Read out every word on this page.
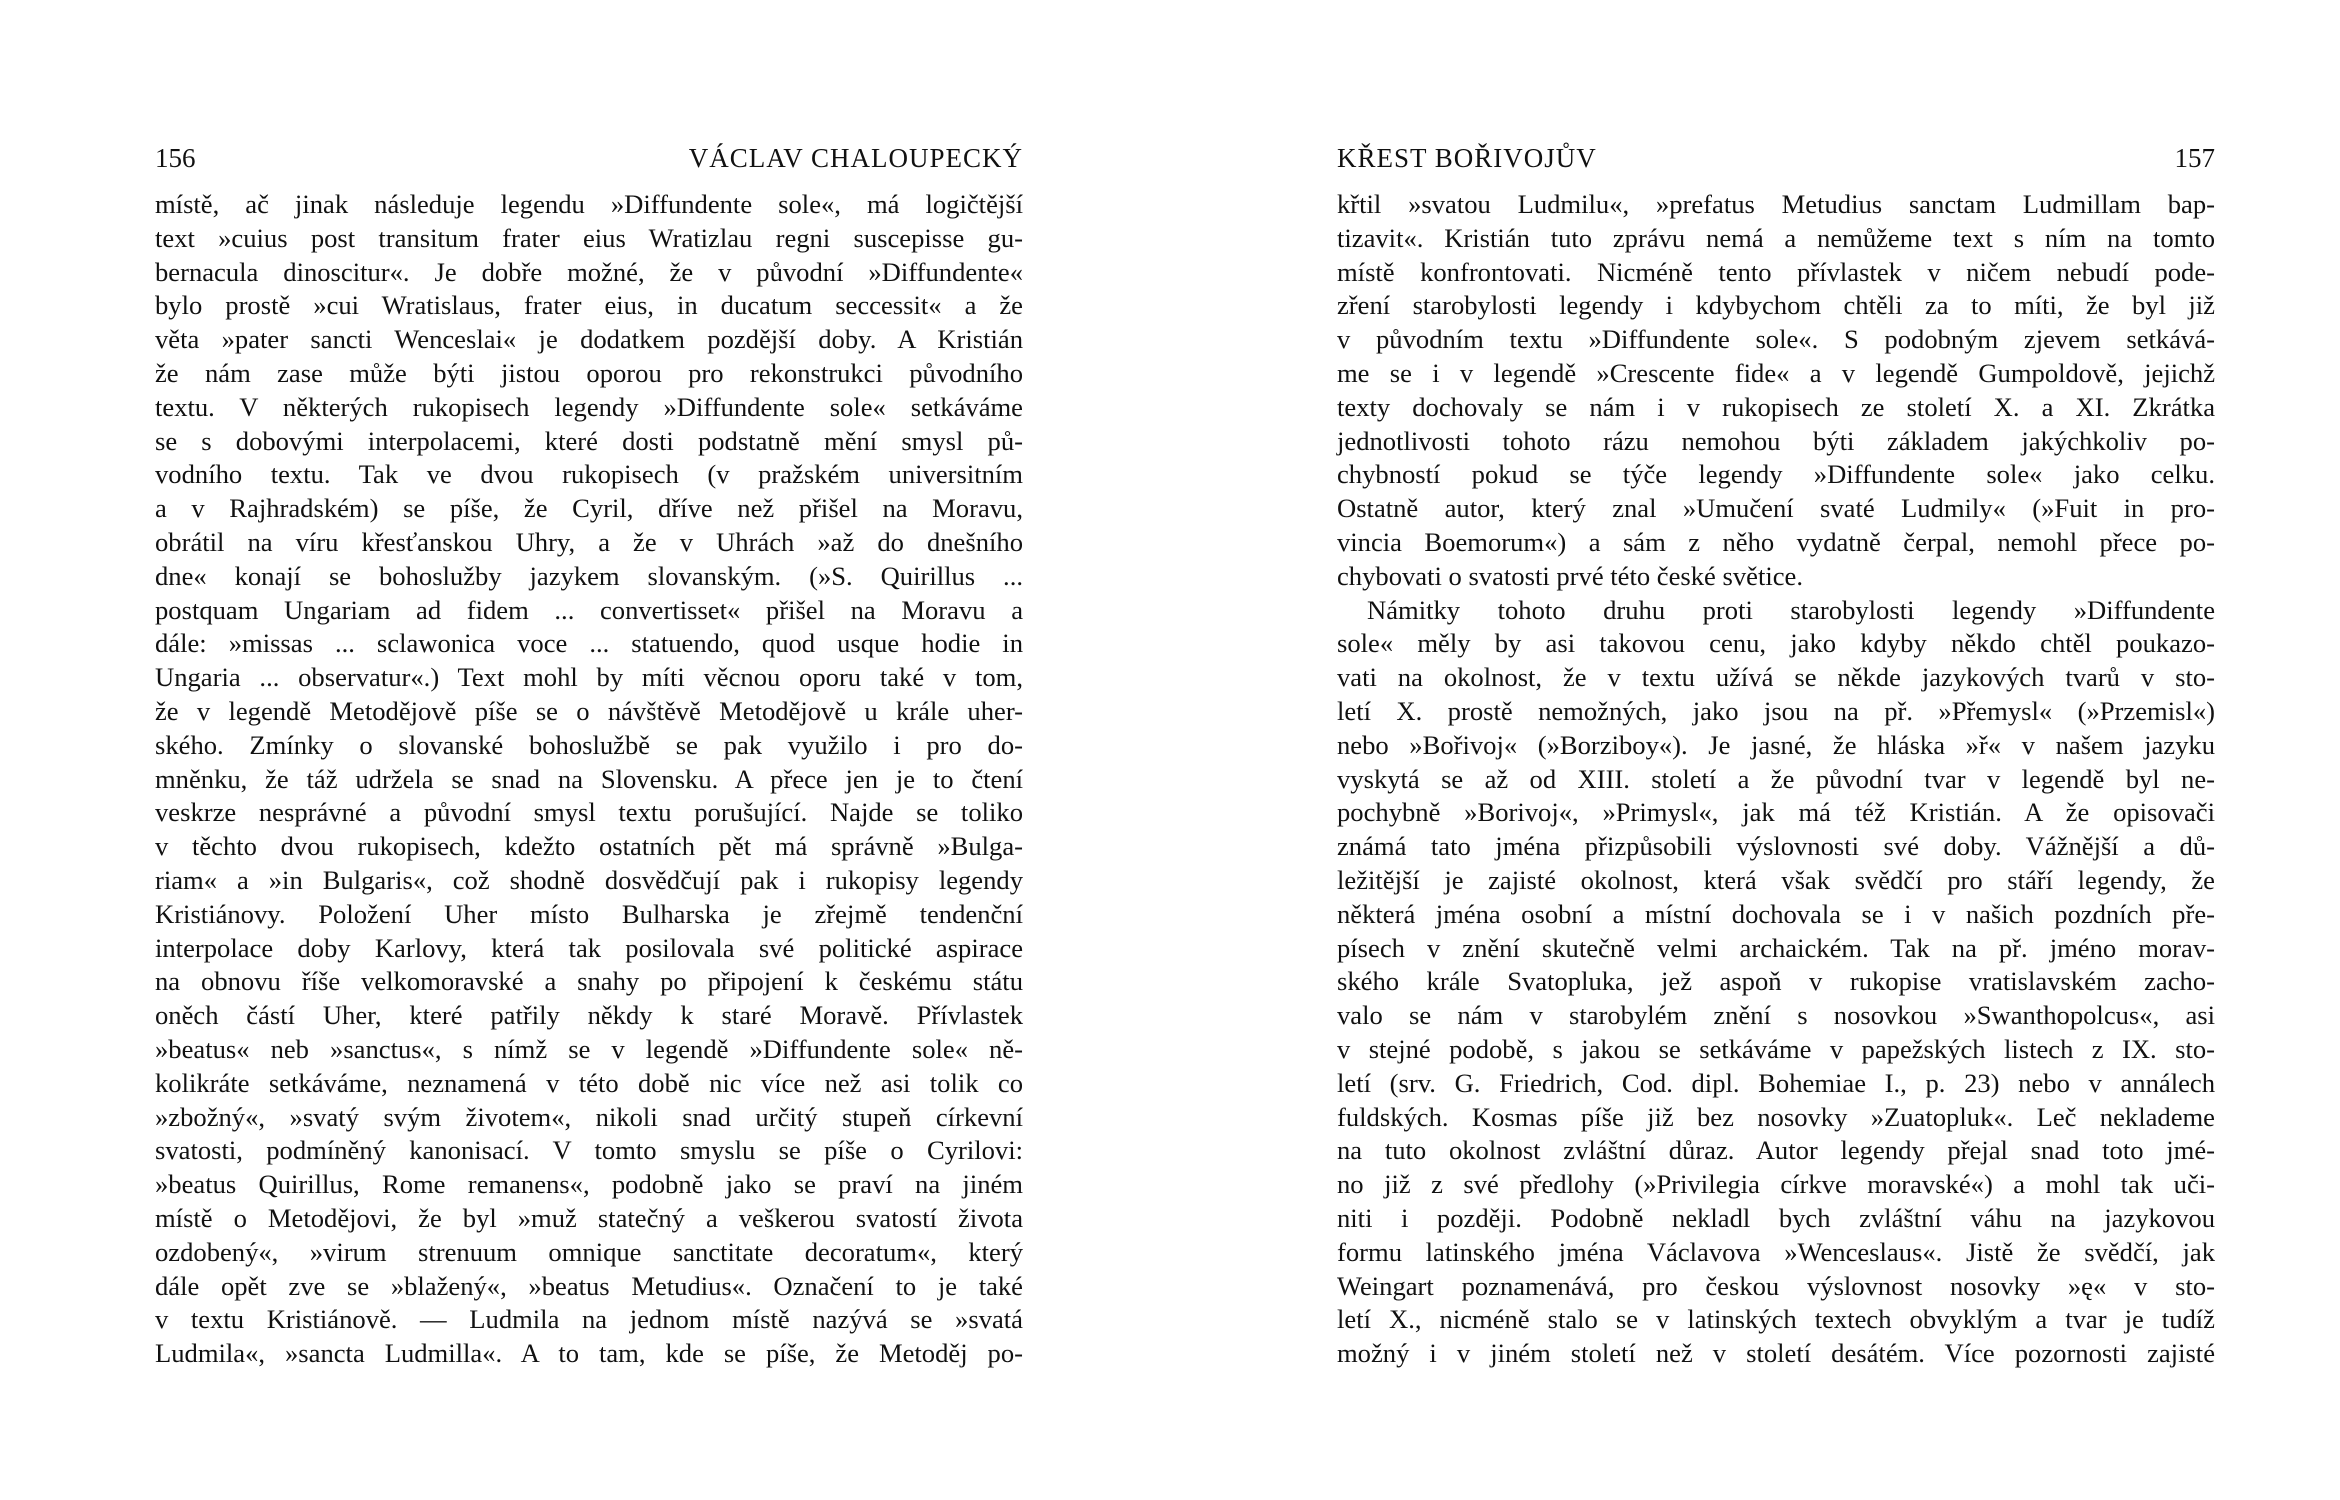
156	VÁCLAV CHALOUPECKÝ
místě, ač jinak následuje legendu »Diffundente sole«, má logičtější
text »cuius post transitum frater eius Wratizlau regni suscepisse gu-
bernacula dinoscitur«. Je dobře možné, že v původní »Diffundente«
bylo prostě »cui Wratislaus, frater eius, in ducatum seccessit« a že
věta »pater sancti Wenceslai« je dodatkem pozdější doby. A Kristián
že nám zase může býti jistou oporou pro rekonstrukci původního
textu. V některých rukopisech legendy »Diffundente sole« setkáváme
se s dobovými interpolacemi, které dosti podstatně mění smysl pů-
vodního textu. Tak ve dvou rukopisech (v pražském universitním
a v Rajhradském) se píše, že Cyril, dříve než přišel na Moravu,
obrátil na víru křesťanskou Uhry, a že v Uhrách »až do dnešního
dne« konají se bohoslužby jazykem slovanským. (»S. Quirillus ...
postquam Ungariam ad fidem ... convertisset« přišel na Moravu a
dále: »missas ... sclawonica voce ... statuendo, quod usque hodie in
Ungaria ... observatur«.) Text mohl by míti věcnou oporu také v tom,
že v legendě Metodějově píše se o návštěvě Metodějově u krále uher-
ského. Zmínky o slovanské bohoslužbě se pak využilo i pro do-
mněnku, že táž udržela se snad na Slovensku. A přece jen je to čtení
veskrze nesprávné a původní smysl textu porušující. Najde se toliko
v těchto dvou rukopisech, kdežto ostatních pět má správně »Bulga-
riam« a »in Bulgaris«, což shodně dosvědčují pak i rukopisy legendy
Kristiánovy. Položení Uher místo Bulharska je zřejmě tendenční
interpolace doby Karlovy, která tak posilovala své politické aspirace
na obnovu říše velkomoravské a snahy po připojení k českému státu
oněch částí Uher, které patřily někdy k staré Moravě. Přívlastek
»beatus« neb »sanctus«, s nímž se v legendě »Diffundente sole« ně-
kolikráte setkáváme, neznamená v této době nic více než asi tolik co
»zbožný«, »svatý svým životem«, nikoli snad určitý stupeň církevní
svatosti, podmíněný kanonisací. V tomto smyslu se píše o Cyrilovi:
»beatus Quirillus, Rome remanens«, podobně jako se praví na jiném
místě o Metodějovi, že byl »muž statečný a veškerou svatostí života
ozdobený«, »virum strenuum omnique sanctitate decoratum«, který
dále opět zve se »blažený«, »beatus Metudius«. Označení to je také
v textu Kristiánově. — Ludmila na jednom místě nazývá se »svatá
Ludmila«, »sancta Ludmilla«. A to tam, kde se píše, že Metoděj po-
KŘEST BOŘIVOJŮV	157
křtil »svatou Ludmilu«, »prefatus Metudius sanctam Ludmillam bap-
tizavit«. Kristián tuto zprávu nemá a nemůžeme text s ním na tomto
místě konfrontovati. Nicméně tento přívlastek v ničem nebudí pode-
zření starobylosti legendy i kdybychom chtěli za to míti, že byl již
v původním textu »Diffundente sole«. S podobným zjevem setkává-
me se i v legendě »Crescente fide« a v legendě Gumpoldově, jejichž
texty dochovaly se nám i v rukopisech ze století X. a XI. Zkrátka
jednotlivosti tohoto rázu nemohou býti základem jakýchkoliv po-
chybností pokud se týče legendy »Diffundente sole« jako celku.
Ostatně autor, který znal »Umučení svaté Ludmily« (»Fuit in pro-
vincia Boemorum«) a sám z něho vydatně čerpal, nemohl přece po-
chybovati o svatosti prvé této české světice.
Námitky tohoto druhu proti starobylosti legendy »Diffundente
sole« měly by asi takovou cenu, jako kdyby někdo chtěl poukazo-
vati na okolnost, že v textu užívá se někde jazykových tvarů v sto-
letí X. prostě nemožných, jako jsou na př. »Přemysl« (»Przemisl«)
nebo »Bořivoj« (»Borziboy«). Je jasné, že hláska »ř« v našem jazyku
vyskytá se až od XIII. století a že původní tvar v legendě byl ne-
pochybně »Borivoj«, »Primysl«, jak má též Kristián. A že opisovači
známá tato jména přizpůsobili výslovnosti své doby. Vážnější a dů-
ležitější je zajisté okolnost, která však svědčí pro stáří legendy, že
některá jména osobní a místní dochovala se i v našich pozdních pře-
písech v znění skutečně velmi archaickém. Tak na př. jméno morav-
ského krále Svatopluka, jež aspoň v rukopise vratislavském zacho-
valo se nám v starobylém znění s nosovkou »Swanthopolcus«, asi
v stejné podobě, s jakou se setkáváme v papežských listech z IX. sto-
letí (srv. G. Friedrich, Cod. dipl. Bohemiae I., p. 23) nebo v annálech
fuldských. Kosmas píše již bez nosovky »Zuatopluk«. Leč neklademe
na tuto okolnost zvláštní důraz. Autor legendy přejal snad toto jmé-
no již z své předlohy (»Privilegia církve moravské«) a mohl tak uči-
niti i později. Podobně nekladl bych zvláštní váhu na jazykovou
formu latinského jména Václavova »Wenceslaus«. Jistě že svědčí, jak
Weingart poznamenává, pro českou výslovnost nosovky »ę« v sto-
letí X., nicméně stalo se v latinských textech obvyklým a tvar je tudíž
možný i v jiném století než v století desátém. Více pozornosti zajisté
